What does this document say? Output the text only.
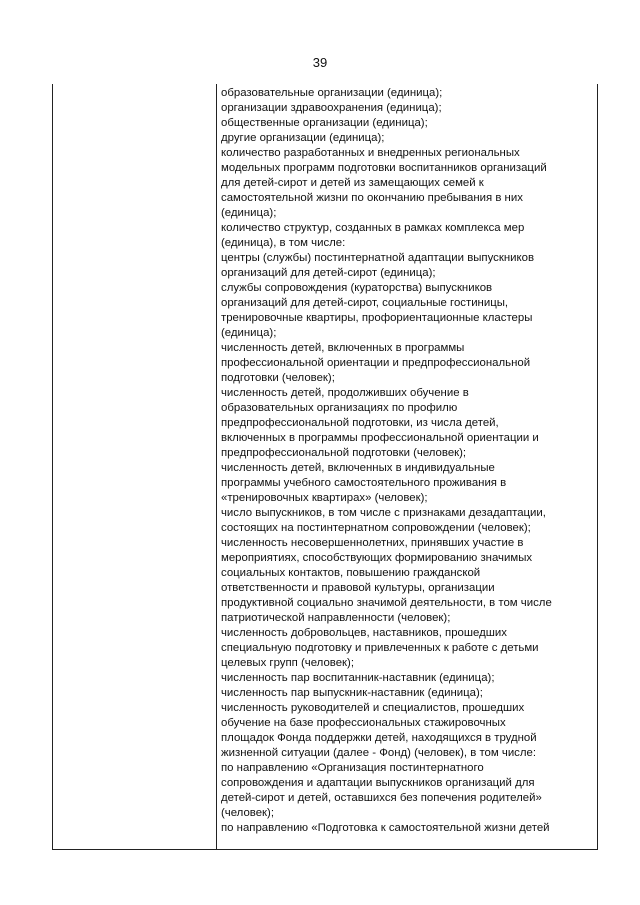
39
образовательные организации (единица);
организации здравоохранения (единица);
общественные организации (единица);
другие организации (единица);
количество разработанных и внедренных региональных
модельных программ подготовки воспитанников организаций
для детей-сирот и детей из замещающих семей к
самостоятельной жизни по окончанию пребывания в них
(единица);
количество структур, созданных в рамках комплекса мер
(единица), в том числе:
центры (службы) постинтернатной адаптации выпускников
организаций для детей-сирот (единица);
службы сопровождения (кураторства) выпускников
организаций для детей-сирот, социальные гостиницы,
тренировочные квартиры, профориентационные кластеры
(единица);
численность детей, включенных в программы
профессиональной ориентации и предпрофессиональной
подготовки (человек);
численность детей, продолживших обучение в
образовательных организациях по профилю
предпрофессиональной подготовки, из числа детей,
включенных в программы профессиональной ориентации и
предпрофессиональной подготовки (человек);
численность детей, включенных в индивидуальные
программы учебного самостоятельного проживания в
«тренировочных квартирах» (человек);
число выпускников, в том числе с признаками дезадаптации,
состоящих на постинтернатном сопровождении (человек);
численность несовершеннолетних, принявших участие в
мероприятиях, способствующих формированию значимых
социальных контактов, повышению гражданской
ответственности и правовой культуры, организации
продуктивной социально значимой деятельности, в том числе
патриотической направленности (человек);
численность добровольцев, наставников, прошедших
специальную подготовку и привлеченных к работе с детьми
целевых групп (человек);
численность пар воспитанник-наставник (единица);
численность пар выпускник-наставник (единица);
численность руководителей и специалистов, прошедших
обучение на базе профессиональных стажировочных
площадок Фонда поддержки детей, находящихся в трудной
жизненной ситуации (далее - Фонд) (человек), в том числе:
по направлению «Организация постинтернатного
сопровождения и адаптации выпускников организаций для
детей-сирот и детей, оставшихся без попечения родителей»
(человек);
по направлению «Подготовка к самостоятельной жизни детей
